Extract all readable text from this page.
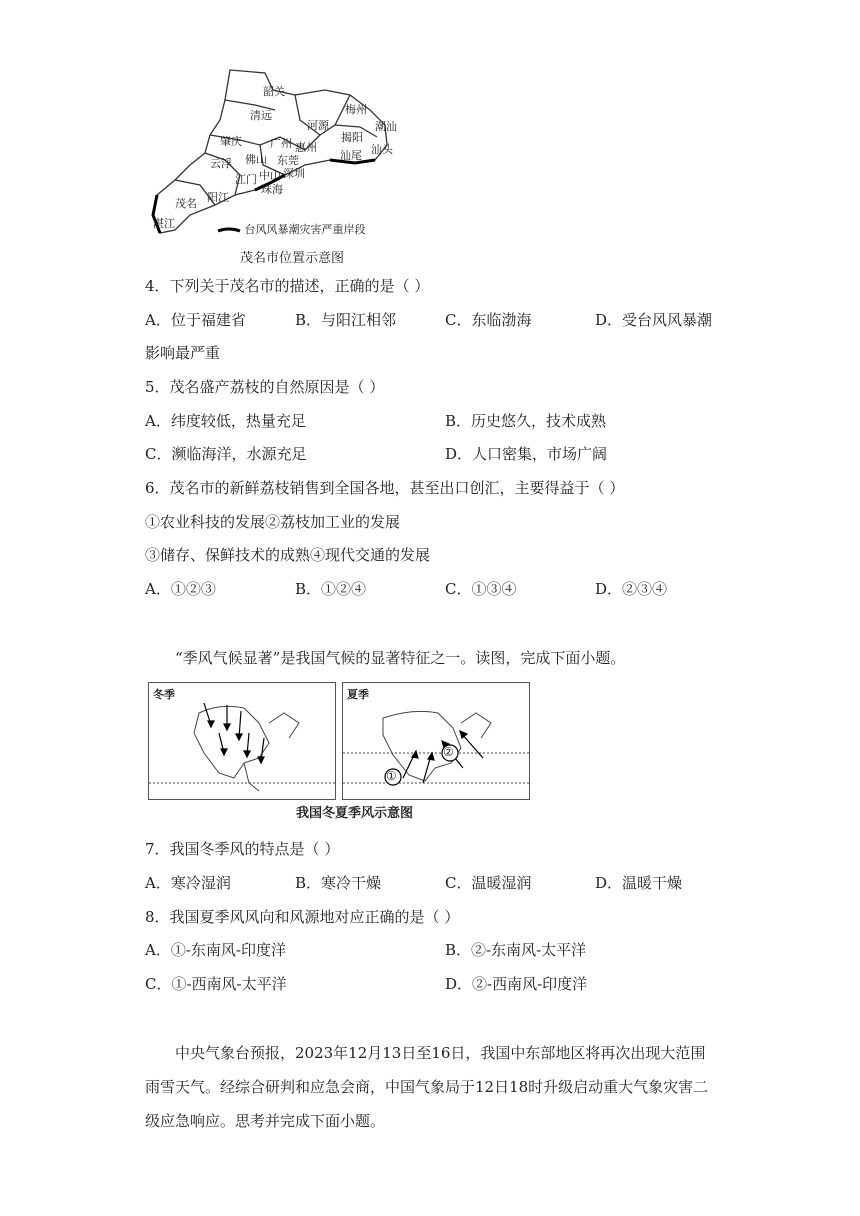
韶关
清远	梅州
河源	潮汕
肇庆	揭阳
汕头
广州 惠州
汕尾
云浮 佛山 东莞
深圳
江门 中山
珠海
茂名 阳江
湛江	台风风暴潮灾害严重岸段
茂名市位置示意图
4．下列关于茂名市的描述，正确的是（ ）
A．位于福建省	B．与阳江相邻	C．东临渤海	D．受台风风暴潮
影响最严重
5．茂名盛产荔枝的自然原因是（ ）
A．纬度较低，热量充足	B．历史悠久，技术成熟
C．濒临海洋，水源充足	D．人口密集，市场广阔
6．茂名市的新鲜荔枝销售到全国各地，甚至出口创汇，主要得益于（ ）
①农业科技的发展②荔枝加工业的发展
③储存、保鲜技术的成熟④现代交通的发展
A．①②③	B．①②④	C．①③④	D．②③④
“季风气候显著”是我国气候的显著特征之一。读图，完成下面小题。
冬季	夏季
①
②
我国冬夏季风示意图
7．我国冬季风的特点是（ ）
A．寒冷湿润	B．寒冷干燥	C．温暖湿润	D．温暖干燥
8．我国夏季风风向和风源地对应正确的是（ ）
A．①-东南风-印度洋	B．②-东南风-太平洋
C．①-西南风-太平洋	D．②-西南风-印度洋
中央气象台预报，2023年12月13日至16日，我国中东部地区将再次出现大范围
雨雪天气。经综合研判和应急会商，中国气象局于12日18时升级启动重大气象灾害二
级应急响应。思考并完成下面小题。
